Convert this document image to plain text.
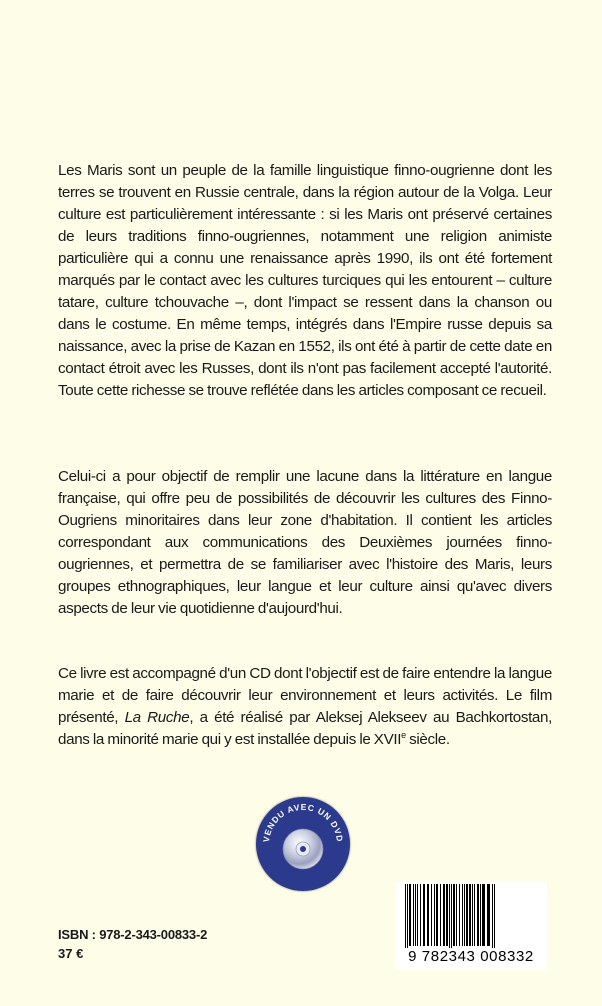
Les Maris sont un peuple de la famille linguistique finno-ougrienne dont les terres se trouvent en Russie centrale, dans la région autour de la Volga. Leur culture est particulièrement intéressante : si les Maris ont préservé certaines de leurs traditions finno-ougriennes, notamment une religion animiste particulière qui a connu une renaissance après 1990, ils ont été fortement marqués par le contact avec les cultures turciques qui les entourent – culture tatare, culture tchouvache –, dont l'impact se ressent dans la chanson ou dans le costume. En même temps, intégrés dans l'Empire russe depuis sa naissance, avec la prise de Kazan en 1552, ils ont été à partir de cette date en contact étroit avec les Russes, dont ils n'ont pas facilement accepté l'autorité. Toute cette richesse se trouve reflétée dans les articles composant ce recueil.

Celui-ci a pour objectif de remplir une lacune dans la littérature en langue française, qui offre peu de possibilités de découvrir les cultures des Finno-Ougriens minoritaires dans leur zone d'habitation. Il contient les articles correspondant aux communications des Deuxièmes journées finno-ougriennes, et permettra de se familiariser avec l'histoire des Maris, leurs groupes ethnographiques, leur langue et leur culture ainsi qu'avec divers aspects de leur vie quotidienne d'aujourd'hui.

Ce livre est accompagné d'un CD dont l'objectif est de faire entendre la langue marie et de faire découvrir leur environnement et leurs activités. Le film présenté, La Ruche, a été réalisé par Aleksej Alekseev au Bachkortostan, dans la minorité marie qui y est installée depuis le XVIIe siècle.

VENDU AVEC UN DVD
ISBN : 978-2-343-00833-2
37 €	9 782343 008332
